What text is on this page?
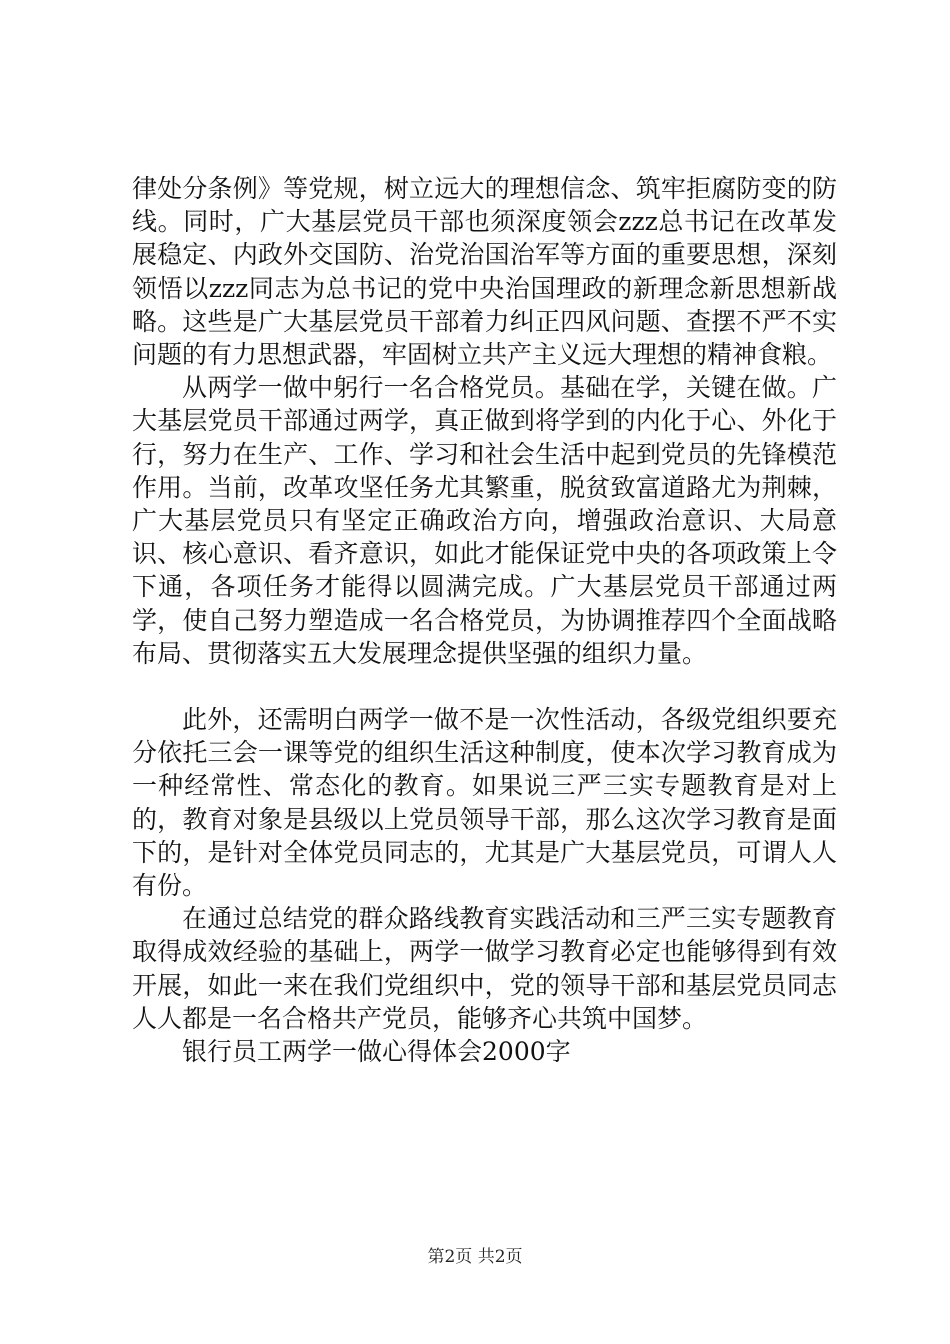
律处分条例》等党规，树立远大的理想信念、筑牢拒腐防变的防线。同时，广大基层党员干部也须深度领会zzz总书记在改革发展稳定、内政外交国防、治党治国治军等方面的重要思想，深刻领悟以zzz同志为总书记的党中央治国理政的新理念新思想新战略。这些是广大基层党员干部着力纠正四风问题、查摆不严不实问题的有力思想武器，牢固树立共产主义远大理想的精神食粮。

从两学一做中躬行一名合格党员。基础在学，关键在做。广大基层党员干部通过两学，真正做到将学到的内化于心、外化于行，努力在生产、工作、学习和社会生活中起到党员的先锋模范作用。当前，改革攻坚任务尤其繁重，脱贫致富道路尤为荆棘，广大基层党员只有坚定正确政治方向，增强政治意识、大局意识、核心意识、看齐意识，如此才能保证党中央的各项政策上令下通，各项任务才能得以圆满完成。广大基层党员干部通过两学，使自己努力塑造成一名合格党员，为协调推荐四个全面战略布局、贯彻落实五大发展理念提供坚强的组织力量。

此外，还需明白两学一做不是一次性活动，各级党组织要充分依托三会一课等党的组织生活这种制度，使本次学习教育成为一种经常性、常态化的教育。如果说三严三实专题教育是对上的，教育对象是县级以上党员领导干部，那么这次学习教育是面下的，是针对全体党员同志的，尤其是广大基层党员，可谓人人有份。

在通过总结党的群众路线教育实践活动和三严三实专题教育取得成效经验的基础上，两学一做学习教育必定也能够得到有效开展，如此一来在我们党组织中，党的领导干部和基层党员同志人人都是一名合格共产党员，能够齐心共筑中国梦。

银行员工两学一做心得体会2000字

第2页 共2页
